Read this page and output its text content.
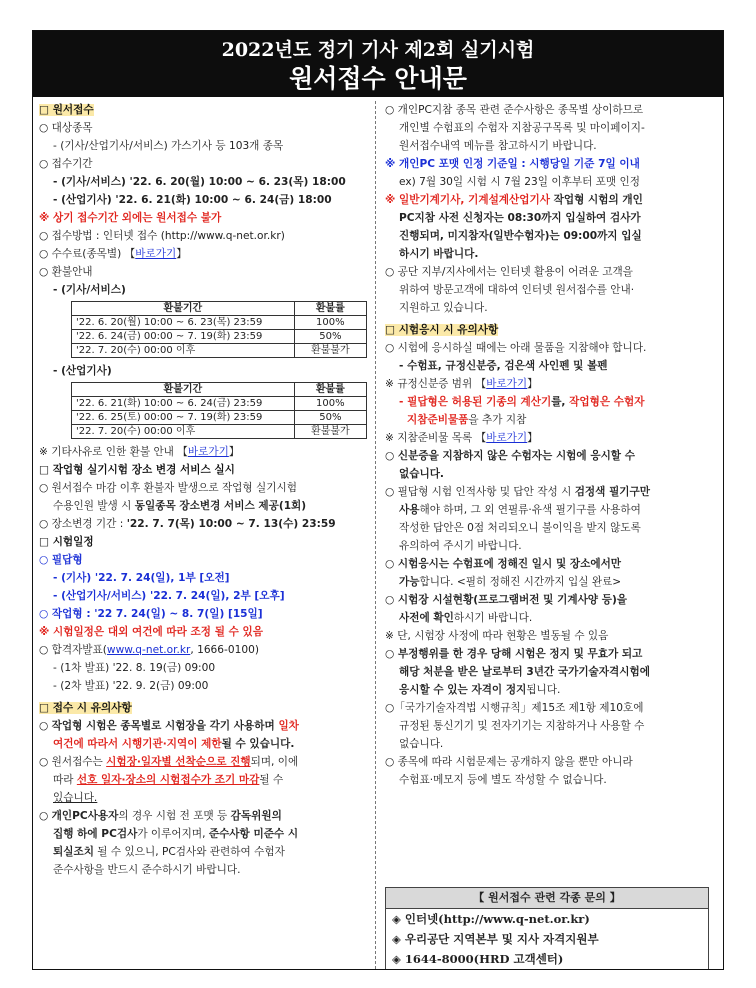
2022년도 정기 기사 제2회 실기시험
원서접수 안내문

□ 원서접수

○ 대상종목

- (기사/산업기사/서비스) 가스기사 등 103개 종목

○ 접수기간

- (기사/서비스) '22. 6. 20(월) 10:00 ~ 6. 23(목) 18:00

- (산업기사) '22. 6. 21(화) 10:00 ~ 6. 24(금) 18:00

※ 상기 접수기간 외에는 원서접수 불가

○ 접수방법 : 인터넷 접수 (http://www.q-net.or.kr)

○ 수수료(종목별) 【바로가기】

○ 환불안내

- (기사/서비스)

환불기간	환불률
'22. 6. 20(월) 10:00 ~ 6. 23(목) 23:59	100%
'22. 6. 24(금) 00:00 ~ 7. 19(화) 23:59	50%
'22. 7. 20(수) 00:00 이후	환불불가

- (산업기사)

환불기간	환불률
'22. 6. 21(화) 10:00 ~ 6. 24(금) 23:59	100%
'22. 6. 25(토) 00:00 ~ 7. 19(화) 23:59	50%
'22. 7. 20(수) 00:00 이후	환불불가

※ 기타사유로 인한 환불 안내 【바로가기】

□ 작업형 실기시험 장소 변경 서비스 실시

○ 원서접수 마감 이후 환불자 발생으로 작업형 실기시험

수용인원 발생 시 동일종목 장소변경 서비스 제공(1회)

○ 장소변경 기간 : '22. 7. 7(목) 10:00 ~ 7. 13(수) 23:59

□ 시험일정

○ 필답형

- (기사) '22. 7. 24(일), 1부 [오전]

- (산업기사/서비스) '22. 7. 24(일), 2부 [오후]

○ 작업형 : '22 7. 24(일) ~ 8. 7(일) [15일]

※ 시험일정은 대외 여건에 따라 조정 될 수 있음

○ 합격자발표(www.q-net.or.kr, 1666-0100)

- (1차 발표) '22. 8. 19(금) 09:00

- (2차 발표) '22. 9. 2(금) 09:00

□ 접수 시 유의사항

○ 작업형 시험은 종목별로 시험장을 각기 사용하며 일차

여건에 따라서 시행기관·지역이 제한될 수 있습니다.

○ 원서접수는 시험장·일자별 선착순으로 진행되며, 이에

따라 선호 일자·장소의 시험접수가 조기 마감될 수

있습니다.

○ 개인PC사용자의 경우 시험 전 포맷 등 감독위원의

집행 하에 PC검사가 이루어지며, 준수사항 미준수 시

퇴실조치 될 수 있으니, PC검사와 관련하여 수험자

준수사항을 반드시 준수하시기 바랍니다.

○ 개인PC지참 종목 관련 준수사항은 종목별 상이하므로

개인별 수험표의 수험자 지참공구목록 및 마이페이지-

원서접수내역 메뉴를 참고하시기 바랍니다.

※ 개인PC 포맷 인정 기준일 : 시행당일 기준 7일 이내

ex) 7월 30일 시험 시 7월 23일 이후부터 포맷 인정

※ 일반기계기사, 기계설계산업기사 작업형 시험의 개인

PC지참 사전 신청자는 08:30까지 입실하여 검사가

진행되며, 미지참자(일반수험자)는 09:00까지 입실

하시기 바랍니다.

○ 공단 지부/지사에서는 인터넷 활용이 어려운 고객을

위하여 방문고객에 대하여 인터넷 원서접수를 안내·

지원하고 있습니다.

□ 시험응시 시 유의사항

○ 시험에 응시하실 때에는 아래 물품을 지참해야 합니다.

- 수험표, 규정신분증, 검은색 사인펜 및 볼펜

※ 규정신분증 범위 【바로가기】

- 필답형은 허용된 기종의 계산기를, 작업형은 수험자

지참준비물품을 추가 지참

※ 지참준비물 목록 【바로가기】

○ 신분증을 지참하지 않은 수험자는 시험에 응시할 수

없습니다.

○ 필답형 시험 인적사항 및 답안 작성 시 검정색 필기구만

사용해야 하며, 그 외 연필류·유색 필기구를 사용하여

작성한 답안은 0점 처리되오니 불이익을 받지 않도록

유의하여 주시기 바랍니다.

○ 시험응시는 수험표에 정해진 일시 및 장소에서만

가능합니다. <필히 정해진 시간까지 입실 완료>

○ 시험장 시설현황(프로그램버전 및 기계사양 등)을

사전에 확인하시기 바랍니다.

※ 단, 시험장 사정에 따라 현황은 별동될 수 있음

○ 부정행위를 한 경우 당해 시험은 정지 및 무효가 되고

해당 처분을 받은 날로부터 3년간 국가기술자격시험에

응시할 수 있는 자격이 정지됩니다.

○「국가기술자격법 시행규칙」제15조 제1항 제10호에

규정된 통신기기 및 전자기기는 지참하거나 사용할 수

없습니다.

○ 종목에 따라 시험문제는 공개하지 않을 뿐만 아니라

수험표·메모지 등에 별도 작성할 수 없습니다.

【 원서접수 관련 각종 문의 】
◈ 인터넷(http://www.q-net.or.kr)
◈ 우리공단 지역본부 및 지사 자격지원부
◈ 1644-8000(HRD 고객센터)
